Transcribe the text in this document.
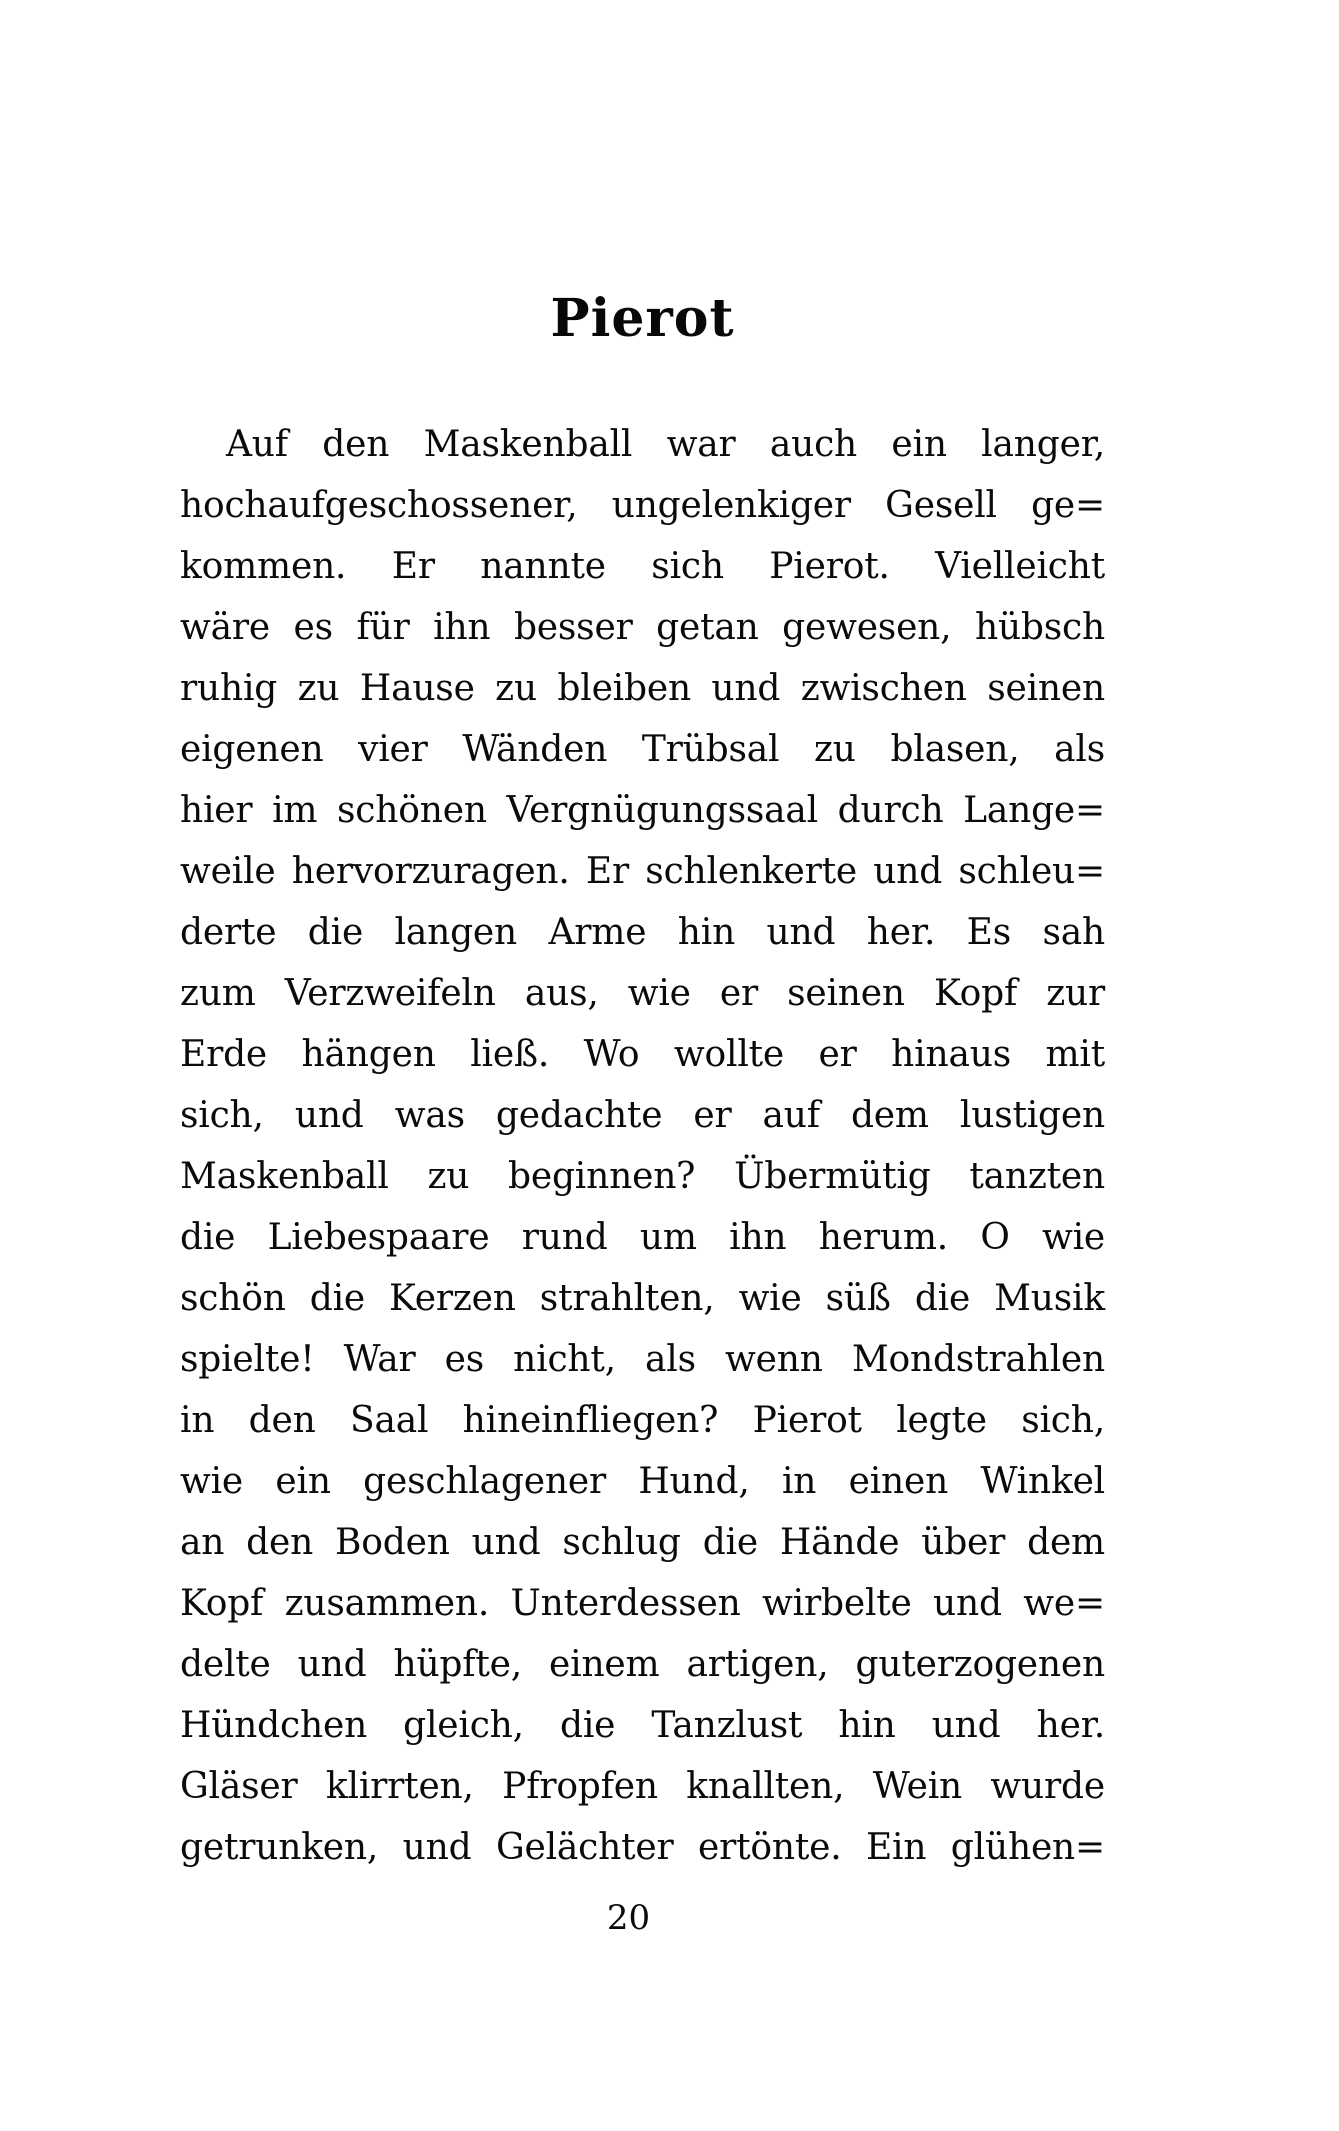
Pierot
Auf den Maskenball war auch ein langer,
hochaufgeschossener, ungelenkiger Gesell ge=
kommen. Er nannte sich Pierot. Vielleicht
wäre es für ihn besser getan gewesen, hübsch
ruhig zu Hause zu bleiben und zwischen seinen
eigenen vier Wänden Trübsal zu blasen, als
hier im schönen Vergnügungssaal durch Lange=
weile hervorzuragen. Er schlenkerte und schleu=
derte die langen Arme hin und her. Es sah
zum Verzweifeln aus, wie er seinen Kopf zur
Erde hängen ließ. Wo wollte er hinaus mit
sich, und was gedachte er auf dem lustigen
Maskenball zu beginnen? Übermütig tanzten
die Liebespaare rund um ihn herum. O wie
schön die Kerzen strahlten, wie süß die Musik
spielte! War es nicht, als wenn Mondstrahlen
in den Saal hineinfliegen? Pierot legte sich,
wie ein geschlagener Hund, in einen Winkel
an den Boden und schlug die Hände über dem
Kopf zusammen. Unterdessen wirbelte und we=
delte und hüpfte, einem artigen, guterzogenen
Hündchen gleich, die Tanzlust hin und her.
Gläser klirrten, Pfropfen knallten, Wein wurde
getrunken, und Gelächter ertönte. Ein glühen=
20
